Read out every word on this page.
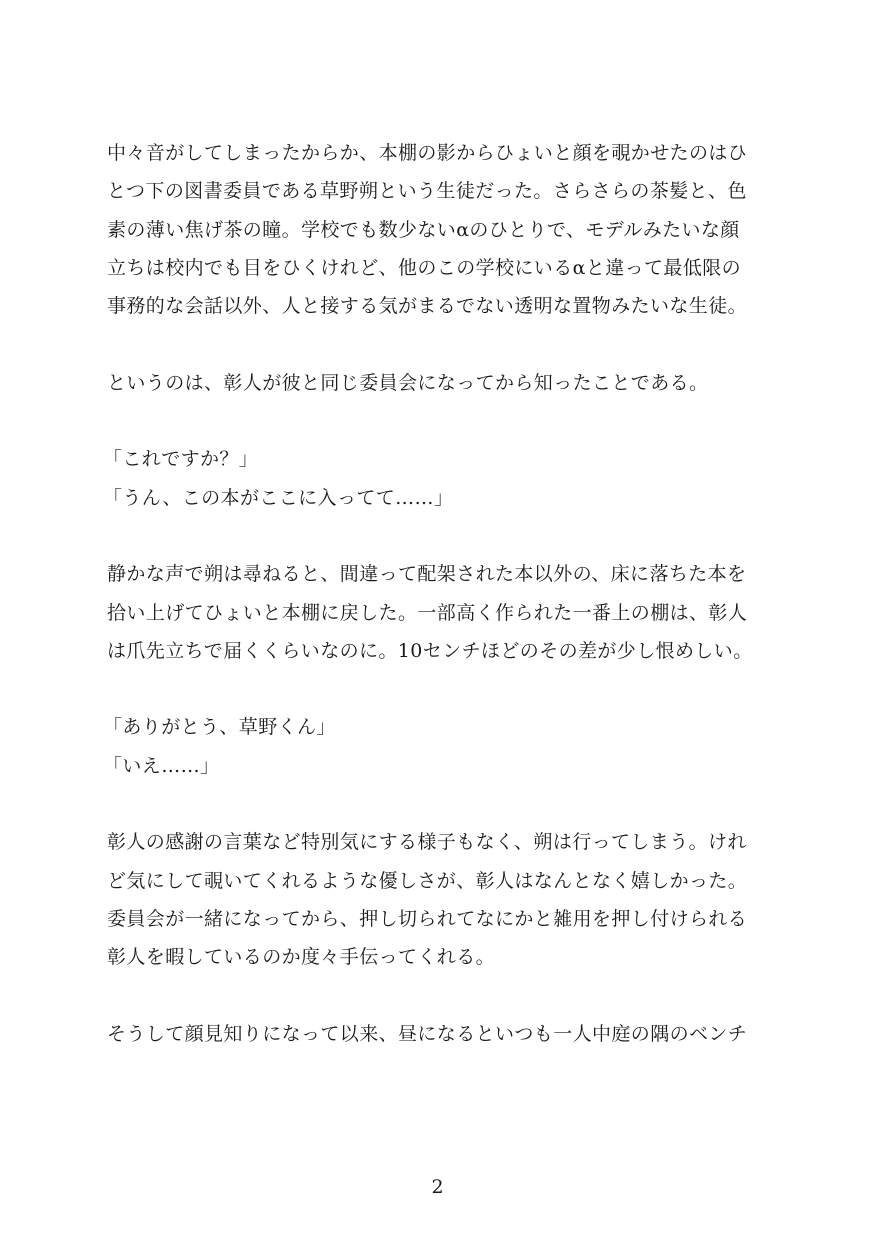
中々音がしてしまったからか、本棚の影からひょいと顔を覗かせたのはひ
とつ下の図書委員である草野朔という生徒だった。さらさらの茶髪と、色
素の薄い焦げ茶の瞳。学校でも数少ないαのひとりで、モデルみたいな顔
立ちは校内でも目をひくけれど、他のこの学校にいるαと違って最低限の
事務的な会話以外、人と接する気がまるでない透明な置物みたいな生徒。
というのは、彰人が彼と同じ委員会になってから知ったことである。
「これですか？」
「うん、この本がここに入ってて……」
静かな声で朔は尋ねると、間違って配架された本以外の、床に落ちた本を
拾い上げてひょいと本棚に戻した。一部高く作られた一番上の棚は、彰人
は爪先立ちで届くくらいなのに。10センチほどのその差が少し恨めしい。
「ありがとう、草野くん」
「いえ……」
彰人の感謝の言葉など特別気にする様子もなく、朔は行ってしまう。けれ
ど気にして覗いてくれるような優しさが、彰人はなんとなく嬉しかった。
委員会が一緒になってから、押し切られてなにかと雑用を押し付けられる
彰人を暇しているのか度々手伝ってくれる。
そうして顔見知りになって以来、昼になるといつも一人中庭の隅のベンチ
2
